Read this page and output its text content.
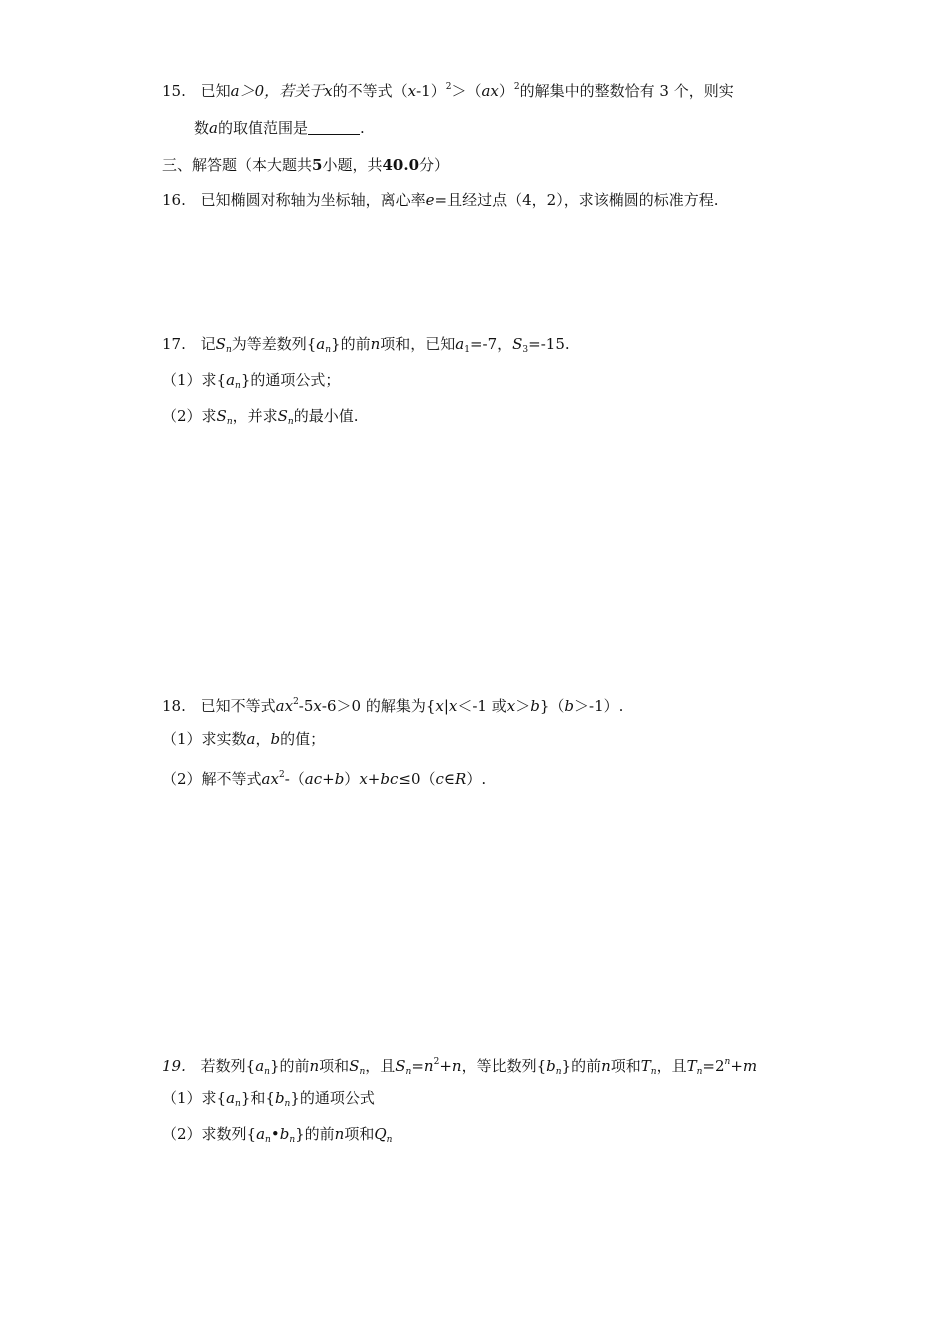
15. 已知a＞0，若关于x的不等式$(x-1)^2>(ax)^2$的解集中的整数恰有 3 个，则实
数a的取值范围是	.
三、解答题（本大题共5小题，共40.0分）
16. 已知椭圆对称轴为坐标轴，离心率e=且经过点（4，2），求该椭圆的标准方程.
17. 记$S_n$为等差数列$\{a_n\}$的前n项和，已知$a_1=-7$，$S_3=-15$.
（1）求$\{a_n\}$的通项公式；
（2）求$S_n$，并求$S_n$的最小值.
18. 已知不等式$ax^2-5x-6>0$ 的解集为{x|x＜-1 或x＞b}（b＞-1）.
（1）求实数a，b的值；
（2）解不等式$ax^2-(ac+b)x+bc\le 0(c\in R)$.
19. 若数列$\{a_n\}$的前n项和$S_n$，且$S_n=n^2+n$，等比数列$\{b_n\}$的前n项和$T_n$，且$T_n=2^n+m$
（1）求$\{a_n\}$和$\{b_n\}$的通项公式
（2）求数列$\{a_n•b_n\}$的前n项和$Q_n$
